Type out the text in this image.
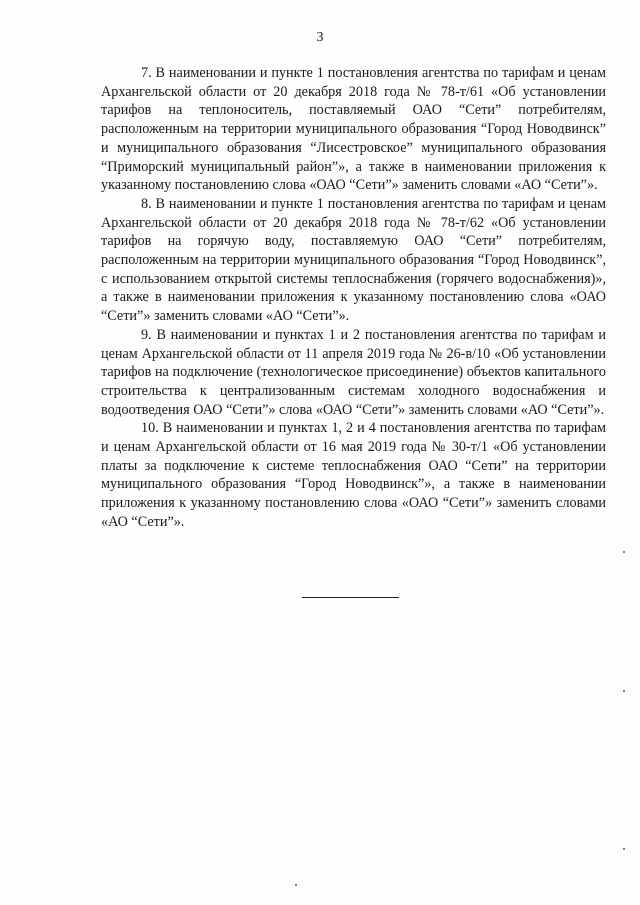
3

7. В наименовании и пункте 1 постановления агентства по тарифам и ценам Архангельской области от 20 декабря 2018 года № 78-т/61 «Об установлении тарифов на теплоноситель, поставляемый ОАО “Сети” потребителям, расположенным на территории муниципального образования “Город Новодвинск” и муниципального образования “Лисестровское” муниципального образования “Приморский муниципальный район”», а также в наименовании приложения к указанному постановлению слова «ОАО “Сети”» заменить словами «АО “Сети”».

8. В наименовании и пункте 1 постановления агентства по тарифам и ценам Архангельской области от 20 декабря 2018 года № 78-т/62 «Об установлении тарифов на горячую воду, поставляемую ОАО “Сети” потребителям, расположенным на территории муниципального образования “Город Новодвинск”, с использованием открытой системы теплоснабжения (горячего водоснабжения)», а также в наименовании приложения к указанному постановлению слова «ОАО “Сети”» заменить словами «АО “Сети”».

9. В наименовании и пунктах 1 и 2 постановления агентства по тарифам и ценам Архангельской области от 11 апреля 2019 года № 26-в/10 «Об установлении тарифов на подключение (технологическое присоединение) объектов капитального строительства к централизованным системам холодного водоснабжения и водоотведения ОАО “Сети”» слова «ОАО “Сети”» заменить словами «АО “Сети”».

10. В наименовании и пунктах 1, 2 и 4 постановления агентства по тарифам и ценам Архангельской области от 16 мая 2019 года № 30-т/1 «Об установлении платы за подключение к системе теплоснабжения ОАО “Сети” на территории муниципального образования “Город Новодвинск”», а также в наименовании приложения к указанному постановлению слова «ОАО “Сети”» заменить словами «АО “Сети”».
